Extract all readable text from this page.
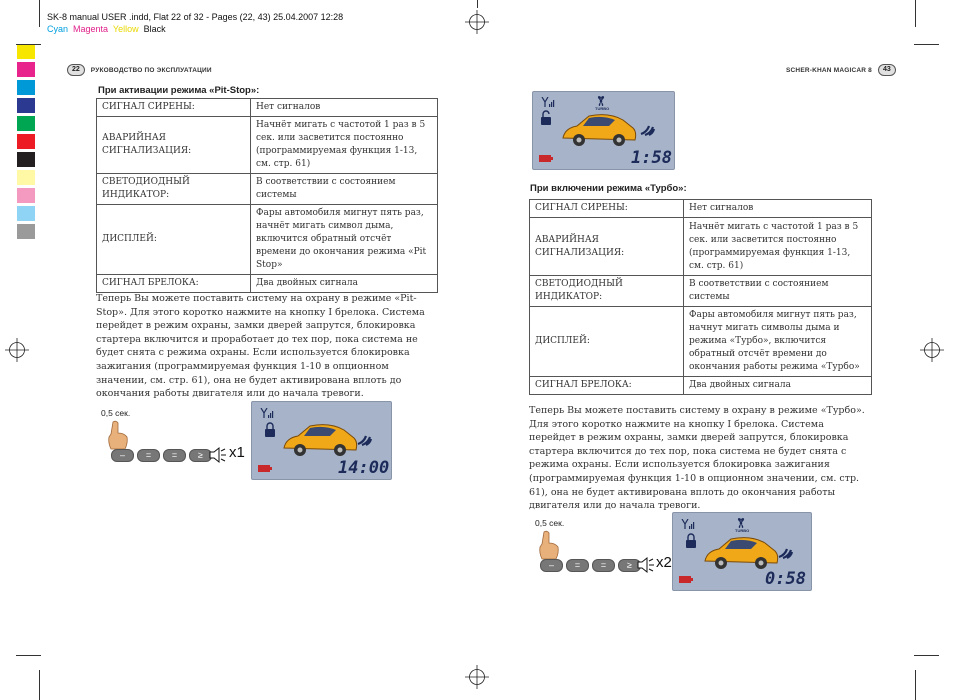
SK-8 manual USER .indd, Flat 22 of 32 - Pages (22, 43) 25.04.2007 12:28
Cyan Magenta Yellow Black
22	РУКОВОДСТВО ПО ЭКСПЛУАТАЦИИ
При активации режима «Pit-Stop»:
СИГНАЛ СИРЕНЫ:	Нет сигналов
АВАРИЙНАЯ СИГНАЛИЗАЦИЯ:	Начнёт мигать с частотой 1 раз в 5 сек. или засветится постоянно (программируемая функция 1-13, см. стр. 61)
СВЕТОДИОДНЫЙ ИНДИКАТОР:	В соответствии с состоянием системы
ДИСПЛЕЙ:	Фары автомобиля мигнут пять раз, начнёт мигать символ дыма, включится обратный отсчёт времени до окончания режима «Pit Stop»
СИГНАЛ БРЕЛОКА:	Два двойных сигнала
Теперь Вы можете поставить систему на охрану в режиме «Pit-Stop». Для этого коротко нажмите на кнопку I брелока. Система перейдет в режим охраны, замки дверей запрутся, блокировка стартера включится и проработает до тех пор, пока система не будет снята с режима охраны. Если используется блокировка зажигания (программируемая функция 1-10 в опционном значении, см. стр. 61), она не будет активирована вплоть до окончания работы двигателя или до начала тревоги.
0,5 сек.
–	=	=	≥	x1
14:00
SCHER-KHAN MAGICAR 8	43
TURBO
1:58
При включении режима «Турбо»:
СИГНАЛ СИРЕНЫ:	Нет сигналов
АВАРИЙНАЯ СИГНАЛИЗАЦИЯ:	Начнёт мигать с частотой 1 раз в 5 сек. или засветится постоянно (программируемая функция 1-13, см. стр. 61)
СВЕТОДИОДНЫЙ ИНДИКАТОР:	В соответствии с состоянием системы
ДИСПЛЕЙ:	Фары автомобиля мигнут пять раз, начнут мигать символы дыма и режима «Турбо», включится обратный отсчёт времени до окончания работы режима «Турбо»
СИГНАЛ БРЕЛОКА:	Два двойных сигнала
Теперь Вы можете поставить систему в охрану в режиме «Турбо». Для этого коротко нажмите на кнопку I брелока. Система перейдет в режим охраны, замки дверей запрутся, блокировка стартера включится до тех пор, пока система не будет снята с режима охраны. Если используется блокировка зажигания (программируемая функция 1-10 в опционном значении, см. стр. 61), она не будет активирована вплоть до окончания работы двигателя или до начала тревоги.
0,5 сек.
–	=	=	≥	x2
TURBO
0:58
